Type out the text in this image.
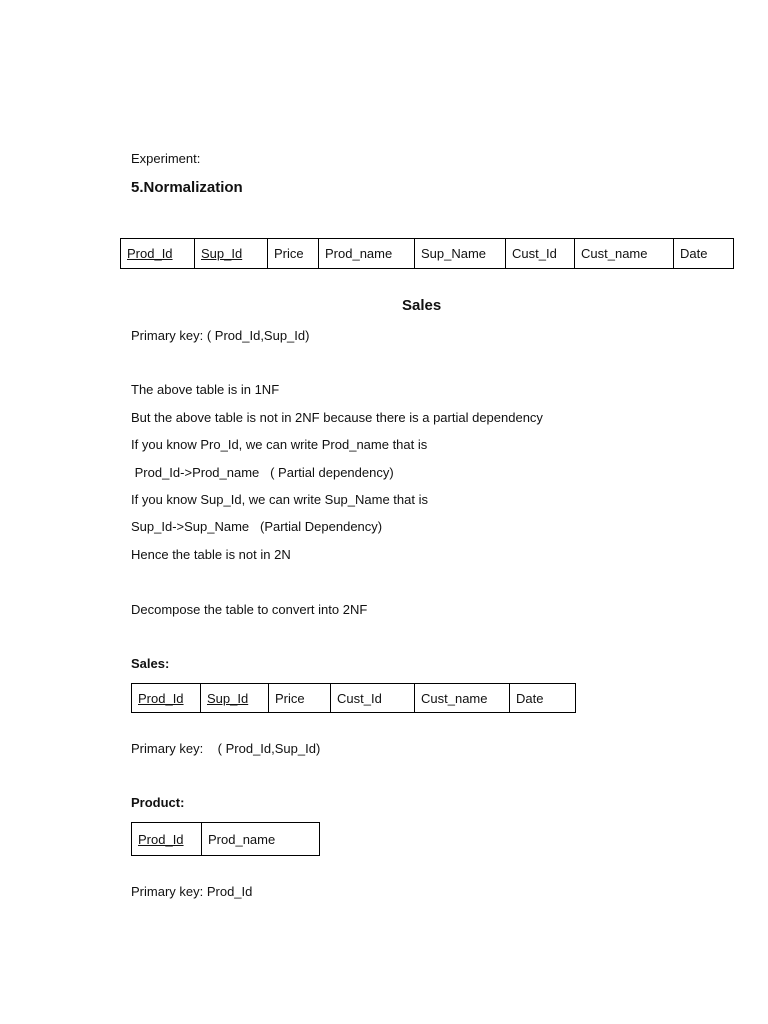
Experiment:
5.Normalization
Prod_Id	Sup_Id	Price	Prod_name	Sup_Name	Cust_Id	Cust_name	Date
Sales
Primary key: ( Prod_Id,Sup_Id)
The above table is in 1NF
But the above table is not in 2NF because there is a partial dependency
If you know Pro_Id, we can write Prod_name that is
Prod_Id->Prod_name   ( Partial dependency)
If you know Sup_Id, we can write Sup_Name that is
Sup_Id->Sup_Name   (Partial Dependency)
Hence the table is not in 2N
Decompose the table to convert into 2NF
Sales:
Prod_Id	Sup_Id	Price	Cust_Id	Cust_name	Date
Primary key:    ( Prod_Id,Sup_Id)
Product:
Prod_Id	Prod_name
Primary key: Prod_Id
